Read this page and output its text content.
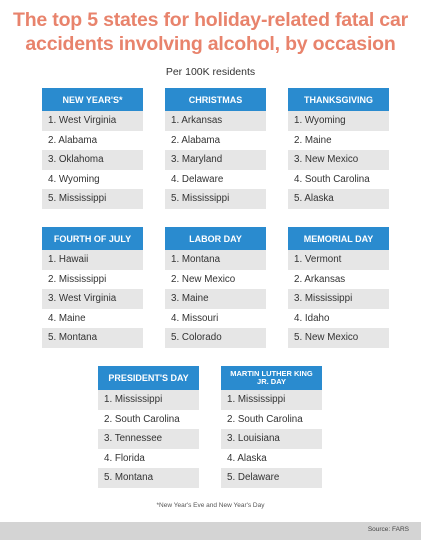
The top 5 states for holiday-related fatal car
accidents involving alcohol, by occasion
Per 100K residents
NEW YEAR'S*
1. West Virginia
2. Alabama
3. Oklahoma
4. Wyoming
5. Mississippi
CHRISTMAS
1. Arkansas
2. Alabama
3. Maryland
4. Delaware
5. Mississippi
THANKSGIVING
1. Wyoming
2. Maine
3. New Mexico
4. South Carolina
5. Alaska
FOURTH OF JULY
1. Hawaii
2. Mississippi
3. West Virginia
4. Maine
5. Montana
LABOR DAY
1. Montana
2. New Mexico
3. Maine
4. Missouri
5. Colorado
MEMORIAL DAY
1. Vermont
2. Arkansas
3. Mississippi
4. Idaho
5. New Mexico
PRESIDENT'S DAY
1. Mississippi
2. South Carolina
3. Tennessee
4. Florida
5. Montana
MARTIN LUTHER KING JR. DAY
1. Mississippi
2. South Carolina
3. Louisiana
4. Alaska
5. Delaware
*New Year's Eve and New Year's Day
Source: FARS
